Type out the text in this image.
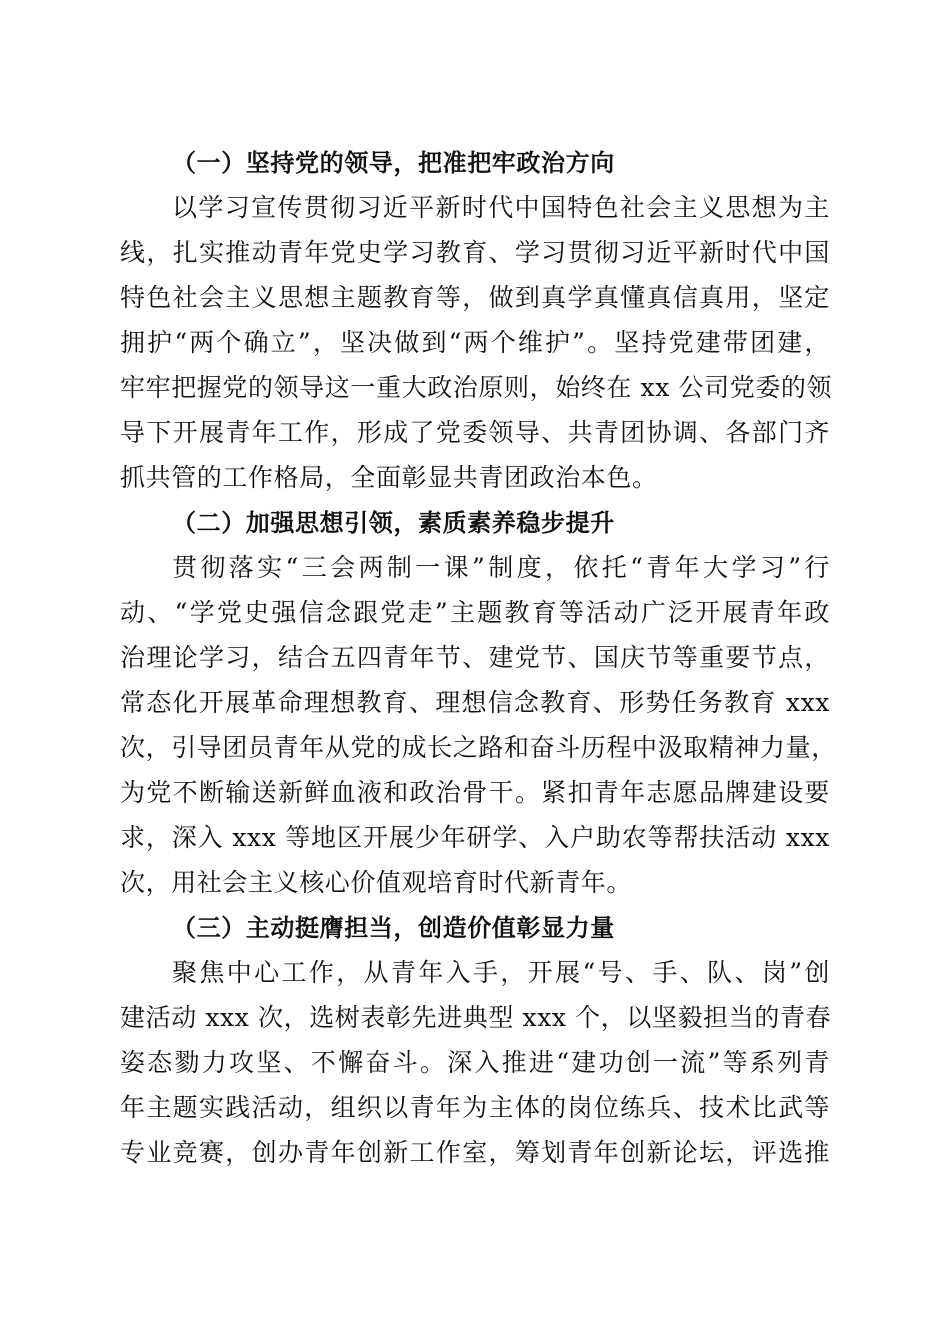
（一）坚持党的领导，把准把牢政治方向
以学习宣传贯彻习近平新时代中国特色社会主义思想为主
线，扎实推动青年党史学习教育、学习贯彻习近平新时代中国
特色社会主义思想主题教育等，做到真学真懂真信真用，坚定
拥护“两个确立”，坚决做到“两个维护”。坚持党建带团建，
牢牢把握党的领导这一重大政治原则，始终在 xx 公司党委的领
导下开展青年工作，形成了党委领导、共青团协调、各部门齐
抓共管的工作格局，全面彰显共青团政治本色。
（二）加强思想引领，素质素养稳步提升
贯彻落实“三会两制一课”制度，依托“青年大学习”行
动、“学党史强信念跟党走”主题教育等活动广泛开展青年政
治理论学习，结合五四青年节、建党节、国庆节等重要节点，
常态化开展革命理想教育、理想信念教育、形势任务教育 xxx
次，引导团员青年从党的成长之路和奋斗历程中汲取精神力量，
为党不断输送新鲜血液和政治骨干。紧扣青年志愿品牌建设要
求，深入 xxx 等地区开展少年研学、入户助农等帮扶活动 xxx
次，用社会主义核心价值观培育时代新青年。
（三）主动挺膺担当，创造价值彰显力量
聚焦中心工作，从青年入手，开展“号、手、队、岗”创
建活动 xxx 次，选树表彰先进典型 xxx 个，以坚毅担当的青春
姿态勠力攻坚、不懈奋斗。深入推进“建功创一流”等系列青
年主题实践活动，组织以青年为主体的岗位练兵、技术比武等
专业竞赛，创办青年创新工作室，筹划青年创新论坛，评选推
